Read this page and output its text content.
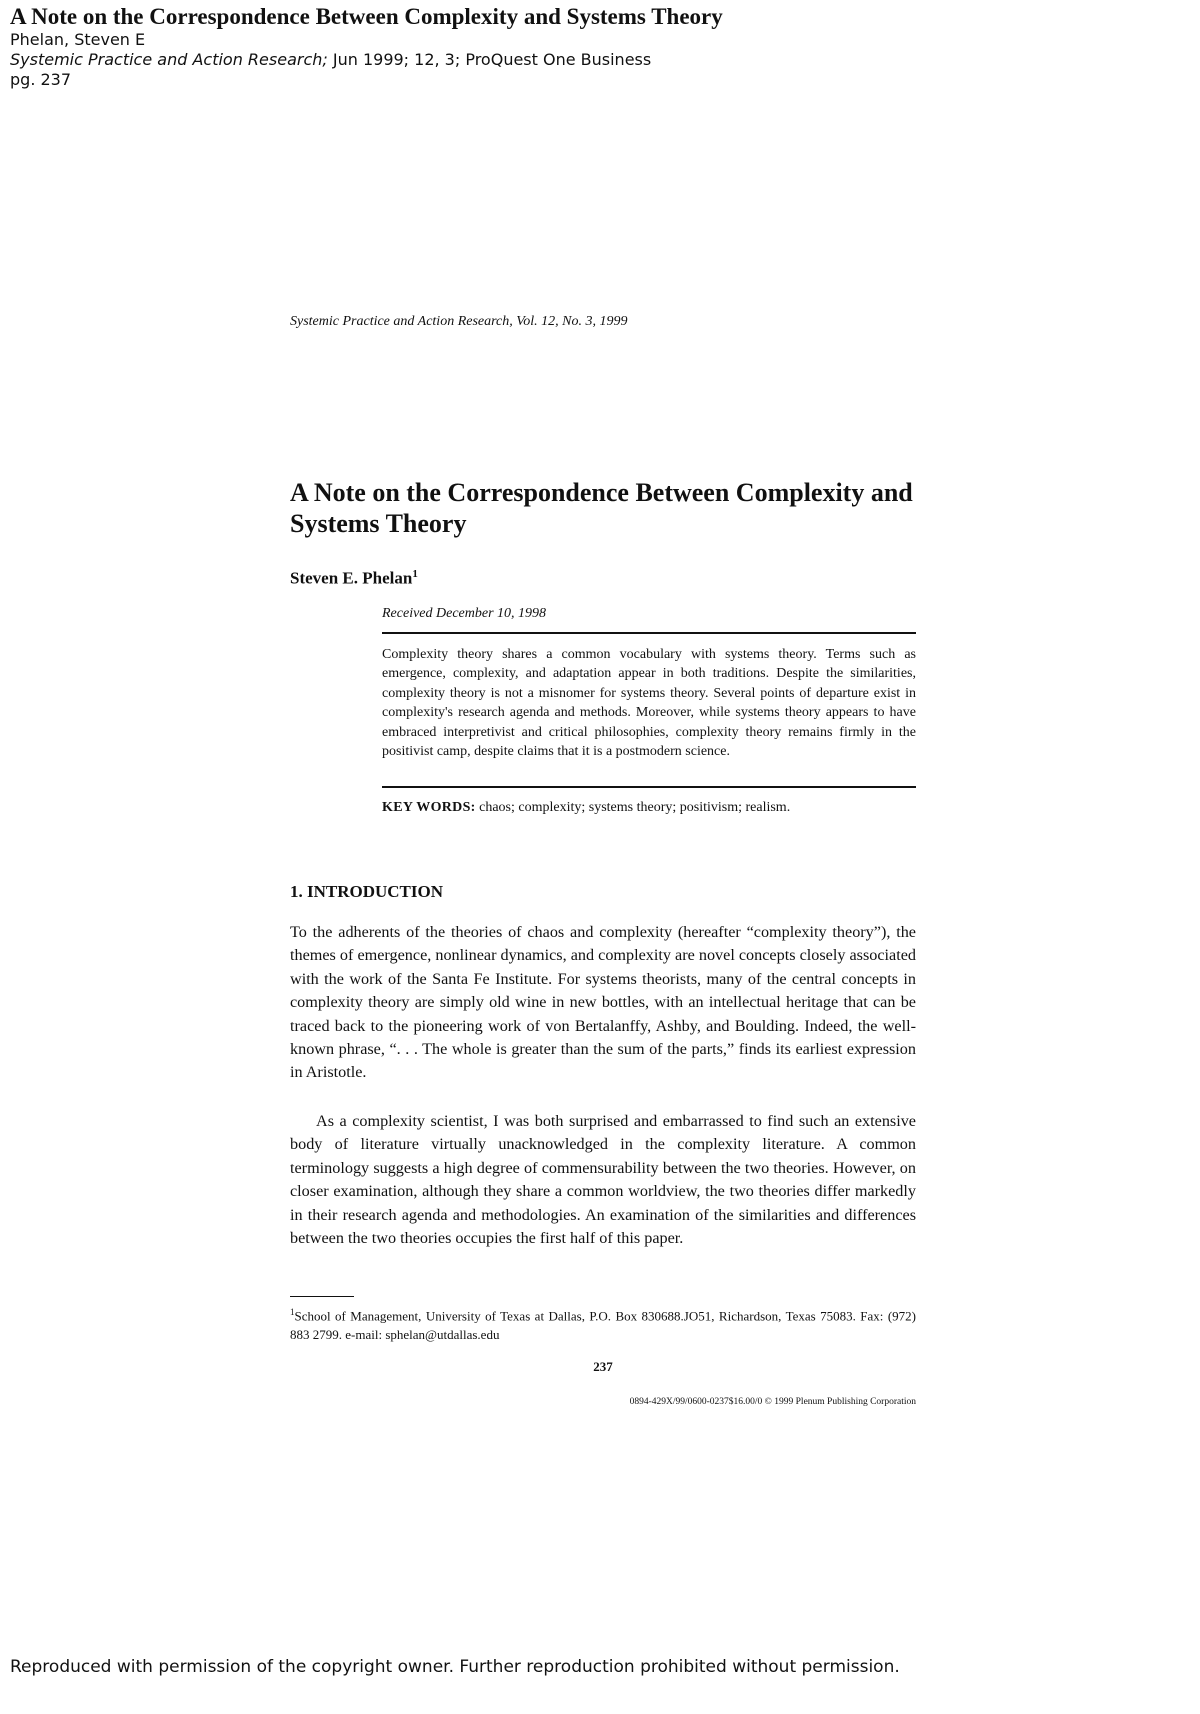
A Note on the Correspondence Between Complexity and Systems Theory

Phelan, Steven E

Systemic Practice and Action Research; Jun 1999; 12, 3; ProQuest One Business

pg. 237

Systemic Practice and Action Research, Vol. 12, No. 3, 1999
A Note on the Correspondence Between Complexity and Systems Theory
Steven E. Phelan$^1$
Received December 10, 1998

Complexity theory shares a common vocabulary with systems theory. Terms such as emergence, complexity, and adaptation appear in both traditions. Despite the similarities, complexity theory is not a misnomer for systems theory. Several points of departure exist in complexity's research agenda and methods. Moreover, while systems theory appears to have embraced interpretivist and critical philosophies, complexity theory remains firmly in the positivist camp, despite claims that it is a postmodern science.

KEY WORDS: chaos; complexity; systems theory; positivism; realism.
1. INTRODUCTION

To the adherents of the theories of chaos and complexity (hereafter “complexity theory”), the themes of emergence, nonlinear dynamics, and complexity are novel concepts closely associated with the work of the Santa Fe Institute. For systems theorists, many of the central concepts in complexity theory are simply old wine in new bottles, with an intellectual heritage that can be traced back to the pioneering work of von Bertalanffy, Ashby, and Boulding. Indeed, the well-known phrase, “. . . The whole is greater than the sum of the parts,” finds its earliest expression in Aristotle.

As a complexity scientist, I was both surprised and embarrassed to find such an extensive body of literature virtually unacknowledged in the complexity literature. A common terminology suggests a high degree of commensurability between the two theories. However, on closer examination, although they share a common worldview, the two theories differ markedly in their research agenda and methodologies. An examination of the similarities and differences between the two theories occupies the first half of this paper.

$^1$School of Management, University of Texas at Dallas, P.O. Box 830688.JO51, Richardson, Texas 75083. Fax: (972) 883 2799. e-mail: sphelan@utdallas.edu

237
0894-429X/99/0600-0237$16.00/0 © 1999 Plenum Publishing Corporation
Reproduced with permission of the copyright owner. Further reproduction prohibited without permission.
